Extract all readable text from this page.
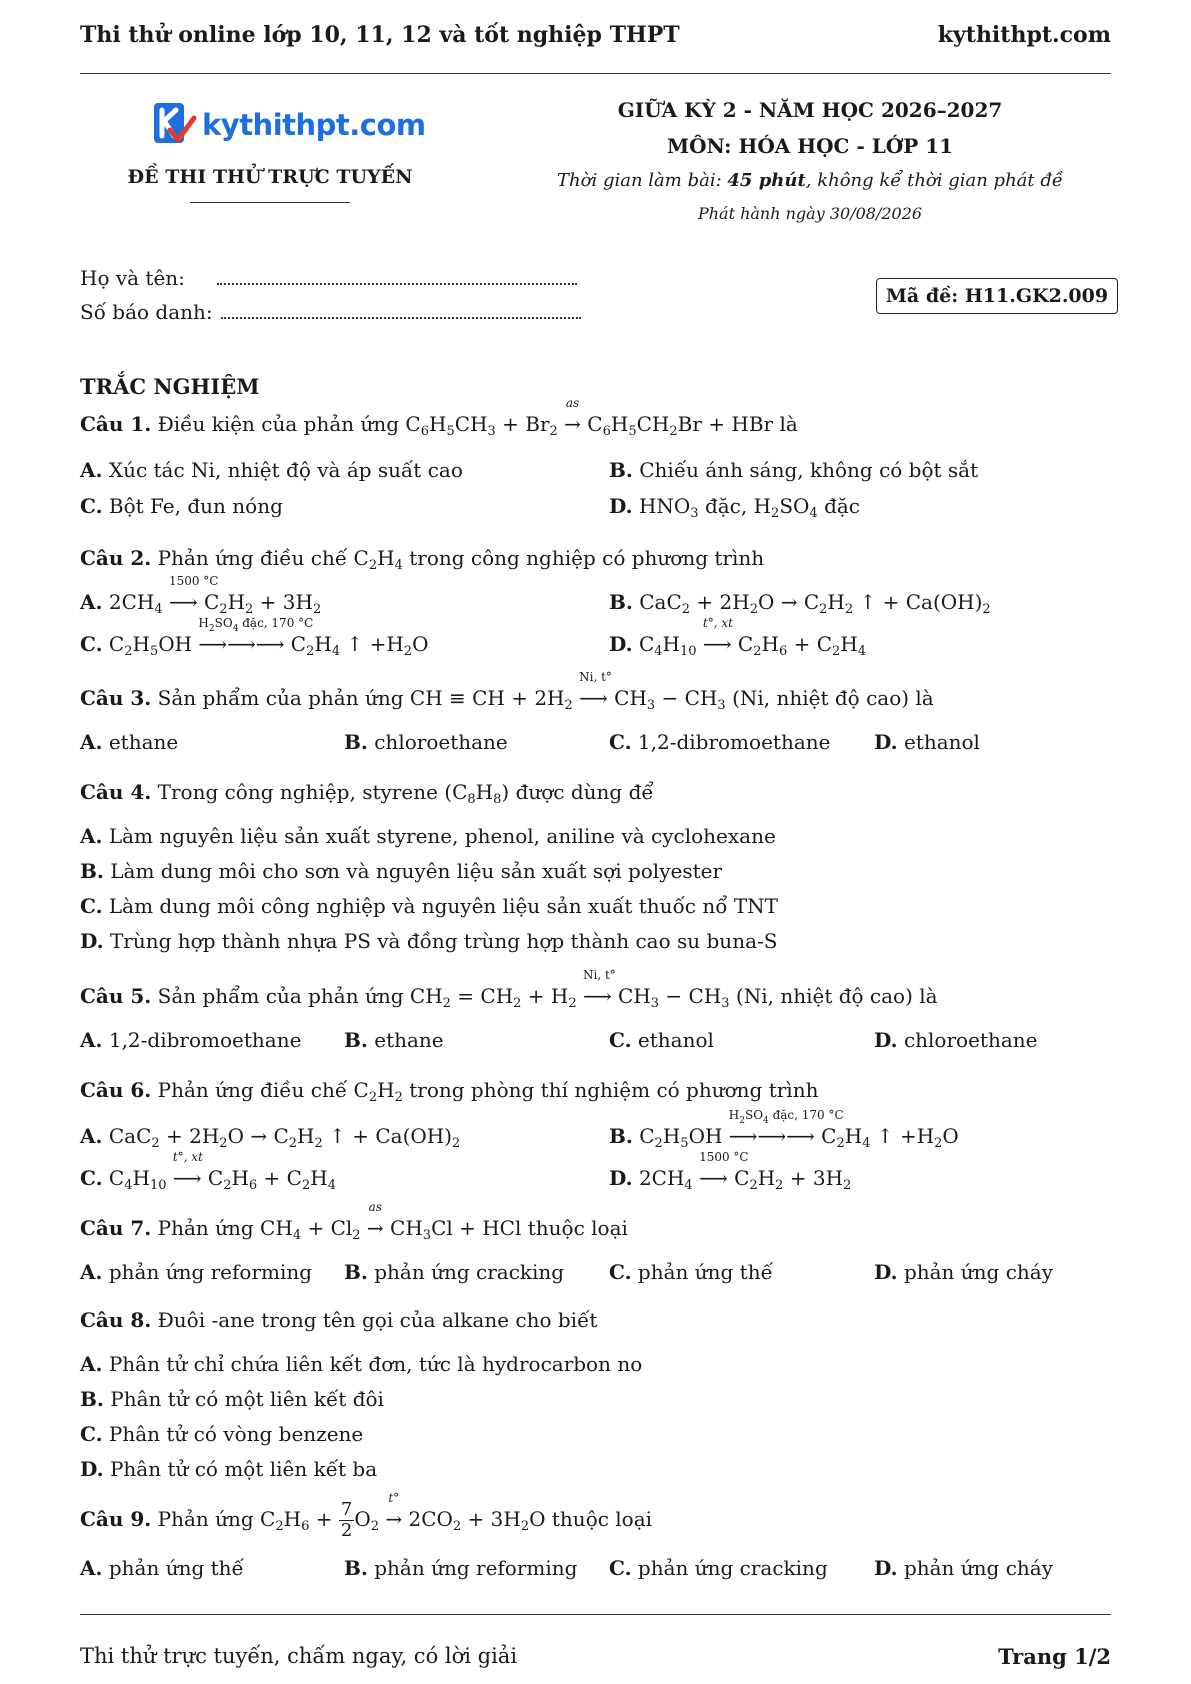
Thi thử online lớp 10, 11, 12 và tốt nghiệp THPT	kythithpt.com
kythithpt.com
ĐỀ THI THỬ TRỰC TUYẾN
GIỮA KỲ 2 - NĂM HỌC 2026–2027
MÔN: HÓA HỌC - LỚP 11
Thời gian làm bài: 45 phút, không kể thời gian phát đề
Phát hành ngày 30/08/2026
Họ và tên:
Số báo danh:
Mã đề: H11.GK2.009
TRẮC NGHIỆM
Câu 1. Điều kiện của phản ứng $C_6H_5CH_3 + Br_2$
as
→ $C_6H_5CH_2Br$ + HBr là
A. Xúc tác Ni, nhiệt độ và áp suất cao	B. Chiếu ánh sáng, không có bột sắt
C. Bột Fe, đun nóng	D. $HNO_3$ đặc, $H_2SO_4$ đặc
Câu 2. Phản ứng điều chế $C_2H_4$ trong công nghiệp có phương trình
A. $2CH_4$
1500 °C
⟶ $C_2H_2 + 3H_2$	B. $CaC_2 + 2H_2O \to C_2H_2$ ↑ + $Ca(OH)_2$
C. $C_2H_5OH$
$H_2SO_4$ đặc, 170 °C
⟶⟶⟶ $C_2H_4$ ↑ $+H_2O$	D. $C_4H_{10}$
t°, xt
⟶ $C_2H_6 + C_2H_4$
Câu 3. Sản phẩm của phản ứng CH ≡ CH + $2H_2$
Ni, t°
⟶ $CH_3 - CH_3$ (Ni, nhiệt độ cao) là
A. ethane	B. chloroethane	C. 1,2-dibromoethane D. ethanol
Câu 4. Trong công nghiệp, styrene $(C_8H_8)$ được dùng để
A. Làm nguyên liệu sản xuất styrene, phenol, aniline và cyclohexane
B. Làm dung môi cho sơn và nguyên liệu sản xuất sợi polyester
C. Làm dung môi công nghiệp và nguyên liệu sản xuất thuốc nổ TNT
D. Trùng hợp thành nhựa PS và đồng trùng hợp thành cao su buna-S
Câu 5. Sản phẩm của phản ứng $CH_2 = CH_2 + H_2$
Ni, t°
⟶ $CH_3 - CH_3$ (Ni, nhiệt độ cao) là
A. 1,2-dibromoethane B. ethane	C. ethanol	D. chloroethane
Câu 6. Phản ứng điều chế $C_2H_2$ trong phòng thí nghiệm có phương trình
A. $CaC_2 + 2H_2O \to C_2H_2$ ↑ + $Ca(OH)_2$	B. $C_2H_5OH$
$H_2SO_4$ đặc, 170 °C
⟶⟶⟶ $C_2H_4$ ↑ $+H_2O$
C. $C_4H_{10}$
t°, xt
⟶ $C_2H_6 + C_2H_4$	D. $2CH_4$
1500 °C
⟶ $C_2H_2 + 3H_2$
Câu 7. Phản ứng $CH_4 + Cl_2$
as
→ $CH_3Cl$ + HCl thuộc loại
A. phản ứng reforming B. phản ứng cracking C. phản ứng thế	D. phản ứng cháy
Câu 8. Đuôi -ane trong tên gọi của alkane cho biết
A. Phân tử chỉ chứa liên kết đơn, tức là hydrocarbon no
B. Phân tử có một liên kết đôi
C. Phân tử có vòng benzene
D. Phân tử có một liên kết ba
Câu 9. Phản ứng $C_2H_6 + \frac{7}{2} O_2$
t°
→ $2CO_2 + 3H_2O$ thuộc loại
A. phản ứng thế	B. phản ứng reforming C. phản ứng cracking D. phản ứng cháy
Thi thử trực tuyến, chấm ngay, có lời giải	Trang 1/2
